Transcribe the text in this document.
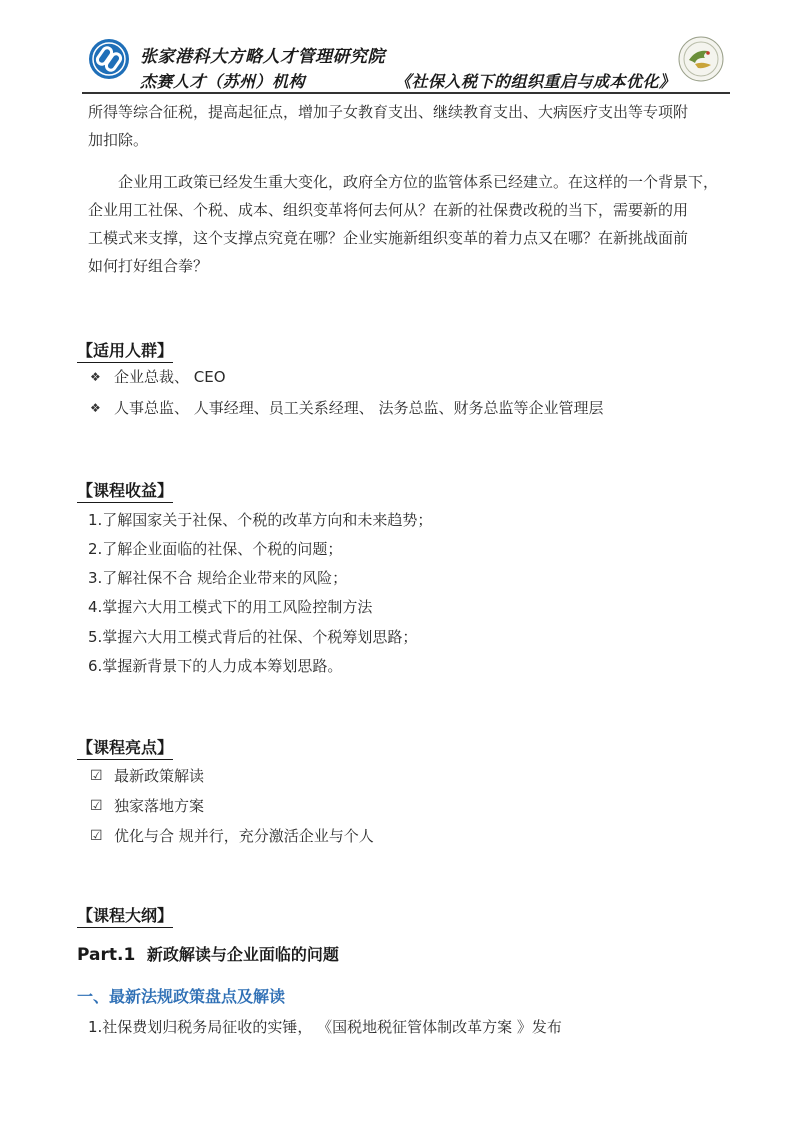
张家港科大方略人才管理研究院
杰赛人才（苏州）机构	《社保入税下的组织重启与成本优化》
所得等综合征税，提高起征点，增加子女教育支出、继续教育支出、大病医疗支出等专项附
加扣除。
企业用工政策已经发生重大变化，政府全方位的监管体系已经建立。在这样的一个背景下，
企业用工社保、个税、成本、组织变革将何去何从？在新的社保费改税的当下，需要新的用
工模式来支撑，这个支撑点究竟在哪？企业实施新组织变革的着力点又在哪？在新挑战面前
如何打好组合拳？
【适用人群】
❖ 企业总裁、 CEO
❖ 人事总监、 人事经理、员工关系经理、 法务总监、财务总监等企业管理层
【课程收益】
1.了解国家关于社保、个税的改革方向和未来趋势；
2.了解企业面临的社保、个税的问题；
3.了解社保不合 规给企业带来的风险；
4.掌握六大用工模式下的用工风险控制方法
5.掌握六大用工模式背后的社保、个税筹划思路；
6.掌握新背景下的人力成本筹划思路。
【课程亮点】
☑ 最新政策解读
☑ 独家落地方案
☑ 优化与合 规并行，充分激活企业与个人
【课程大纲】
Part.1 新政解读与企业面临的问题
一、最新法规政策盘点及解读
1.社保费划归税务局征收的实锤， 《国税地税征管体制改革方案 》发布
